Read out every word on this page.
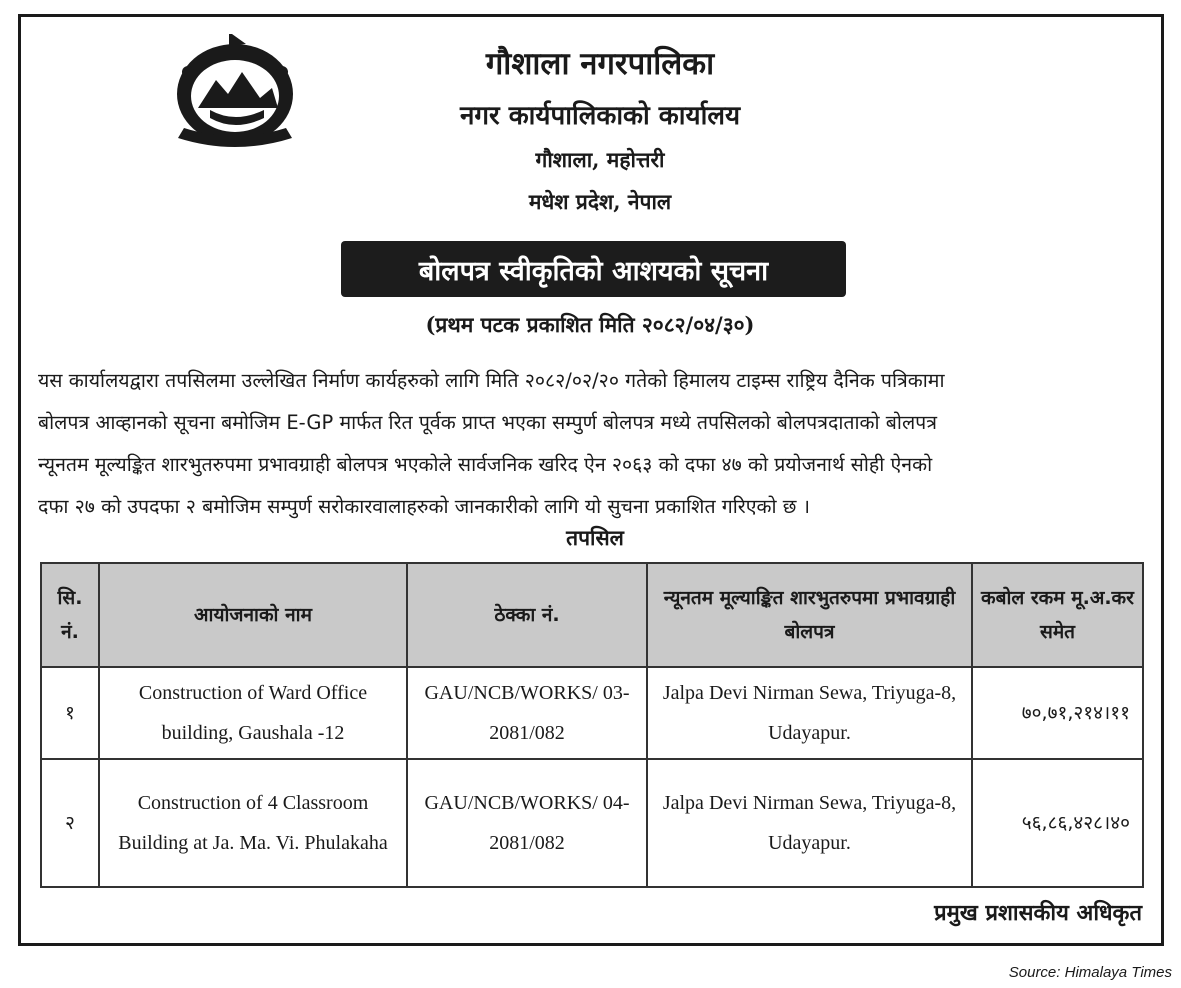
गौशाला नगरपालिका
नगर कार्यपालिकाको कार्यालय
गौशाला, महोत्तरी
मधेश प्रदेश, नेपाल
बोलपत्र स्वीकृतिको आशयको सूचना
(प्रथम पटक प्रकाशित मिति २०८२/०४/३०)
यस कार्यालयद्वारा तपसिलमा उल्लेखित निर्माण कार्यहरुको लागि मिति २०८२/०२/२० गतेको हिमालय टाइम्स राष्ट्रिय दैनिक पत्रिकामा
बोलपत्र आव्हानको सूचना बमोजिम E-GP मार्फत रित पूर्वक प्राप्त भएका सम्पुर्ण बोलपत्र मध्ये तपसिलको बोलपत्रदाताको बोलपत्र
न्यूनतम मूल्यङ्कित शारभुतरुपमा प्रभावग्राही बोलपत्र भएकोले सार्वजनिक खरिद ऐन २०६३ को दफा ४७ को प्रयोजनार्थ सोही ऐनको
दफा २७ को उपदफा २ बमोजिम सम्पुर्ण सरोकारवालाहरुको जानकारीको लागि यो सुचना प्रकाशित गरिएको छ ।
तपसिल
सि. नं.	आयोजनाको नाम	ठेक्का नं.	न्यूनतम मूल्याङ्कित शारभुतरुपमा प्रभावग्राही बोलपत्र	कबोल रकम मू.अ.कर समेत
१	Construction of Ward Office building, Gaushala -12	GAU/NCB/WORKS/ 03-2081/082	Jalpa Devi Nirman Sewa, Triyuga-8, Udayapur.	७०,७१,२१४।११
२	Construction of 4 Classroom Building at Ja. Ma. Vi. Phulakaha	GAU/NCB/WORKS/ 04-2081/082	Jalpa Devi Nirman Sewa, Triyuga-8, Udayapur.	५६,८६,४२८।४०
प्रमुख प्रशासकीय अधिकृत
Source: Himalaya Times
